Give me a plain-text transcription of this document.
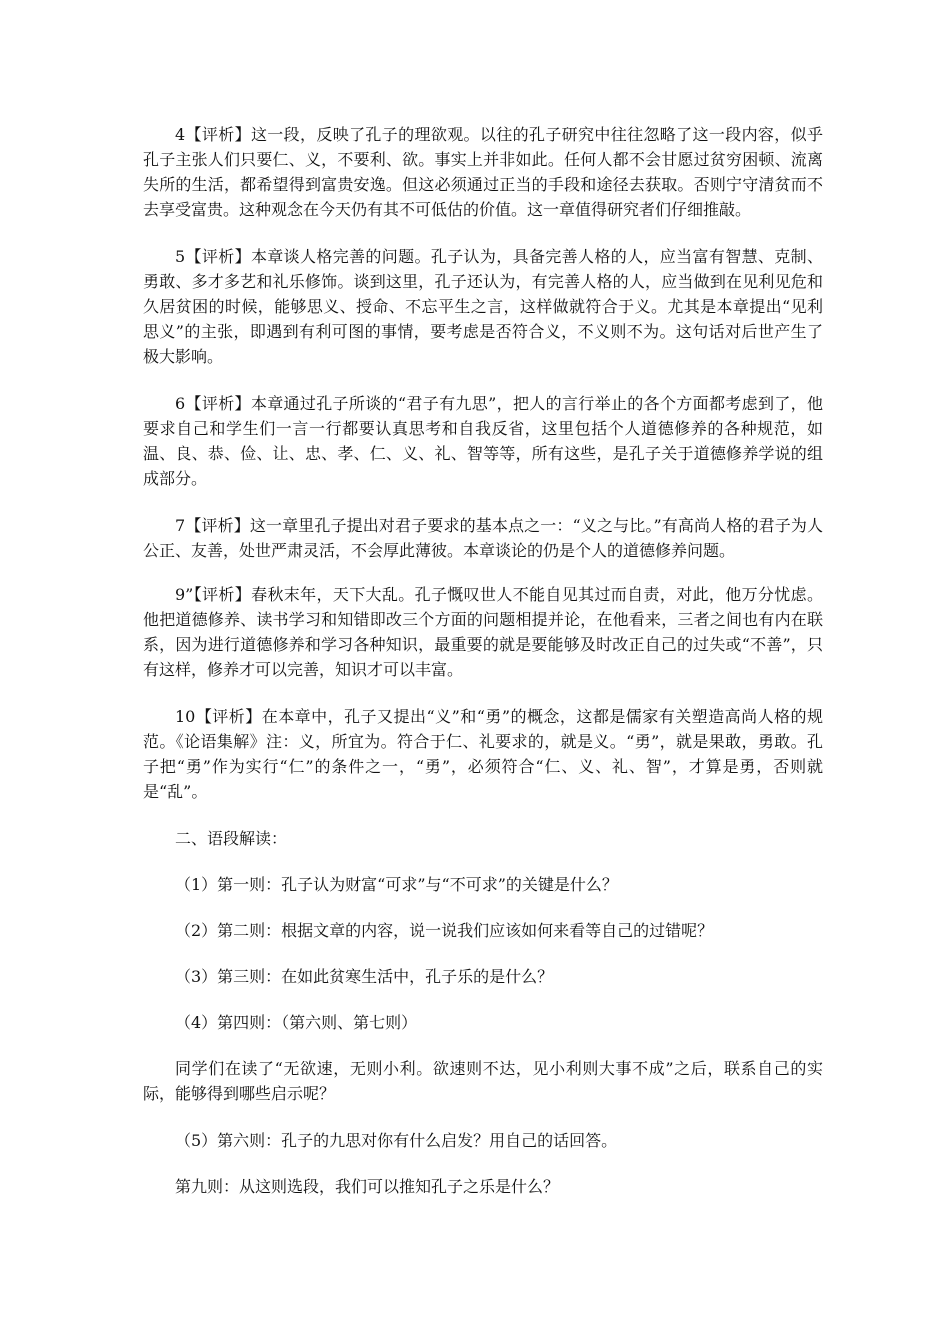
4【评析】这一段，反映了孔子的理欲观。以往的孔子研究中往往忽略了这一段内容，似乎孔子主张人们只要仁、义，不要利、欲。事实上并非如此。任何人都不会甘愿过贫穷困顿、流离失所的生活，都希望得到富贵安逸。但这必须通过正当的手段和途径去获取。否则宁守清贫而不去享受富贵。这种观念在今天仍有其不可低估的价值。这一章值得研究者们仔细推敲。

5【评析】本章谈人格完善的问题。孔子认为，具备完善人格的人，应当富有智慧、克制、勇敢、多才多艺和礼乐修饰。谈到这里，孔子还认为，有完善人格的人，应当做到在见利见危和久居贫困的时候，能够思义、授命、不忘平生之言，这样做就符合于义。尤其是本章提出“见利思义”的主张，即遇到有利可图的事情，要考虑是否符合义，不义则不为。这句话对后世产生了极大影响。

6【评析】本章通过孔子所谈的“君子有九思”，把人的言行举止的各个方面都考虑到了，他要求自己和学生们一言一行都要认真思考和自我反省，这里包括个人道德修养的各种规范，如温、良、恭、俭、让、忠、孝、仁、义、礼、智等等，所有这些，是孔子关于道德修养学说的组成部分。

7【评析】这一章里孔子提出对君子要求的基本点之一：“义之与比。”有高尚人格的君子为人公正、友善，处世严肃灵活，不会厚此薄彼。本章谈论的仍是个人的道德修养问题。

9”【评析】春秋末年，天下大乱。孔子慨叹世人不能自见其过而自责，对此，他万分忧虑。他把道德修养、读书学习和知错即改三个方面的问题相提并论，在他看来，三者之间也有内在联系，因为进行道德修养和学习各种知识，最重要的就是要能够及时改正自己的过失或“不善”，只有这样，修养才可以完善，知识才可以丰富。

10【评析】在本章中，孔子又提出“义”和“勇”的概念，这都是儒家有关塑造高尚人格的规范。《论语集解》注：义，所宜为。符合于仁、礼要求的，就是义。“勇”，就是果敢，勇敢。孔子把“勇”作为实行“仁”的条件之一，“勇”，必须符合“仁、义、礼、智”，才算是勇，否则就是“乱”。

二、语段解读：

（1）第一则：孔子认为财富“可求”与“不可求”的关键是什么？

（2）第二则：根据文章的内容，说一说我们应该如何来看等自己的过错呢？

（3）第三则：在如此贫寒生活中，孔子乐的是什么？

（4）第四则：（第六则、第七则）

同学们在读了“无欲速，无则小利。欲速则不达，见小利则大事不成”之后，联系自己的实际，能够得到哪些启示呢？

（5）第六则：孔子的九思对你有什么启发？用自己的话回答。

第九则：从这则选段，我们可以推知孔子之乐是什么？
